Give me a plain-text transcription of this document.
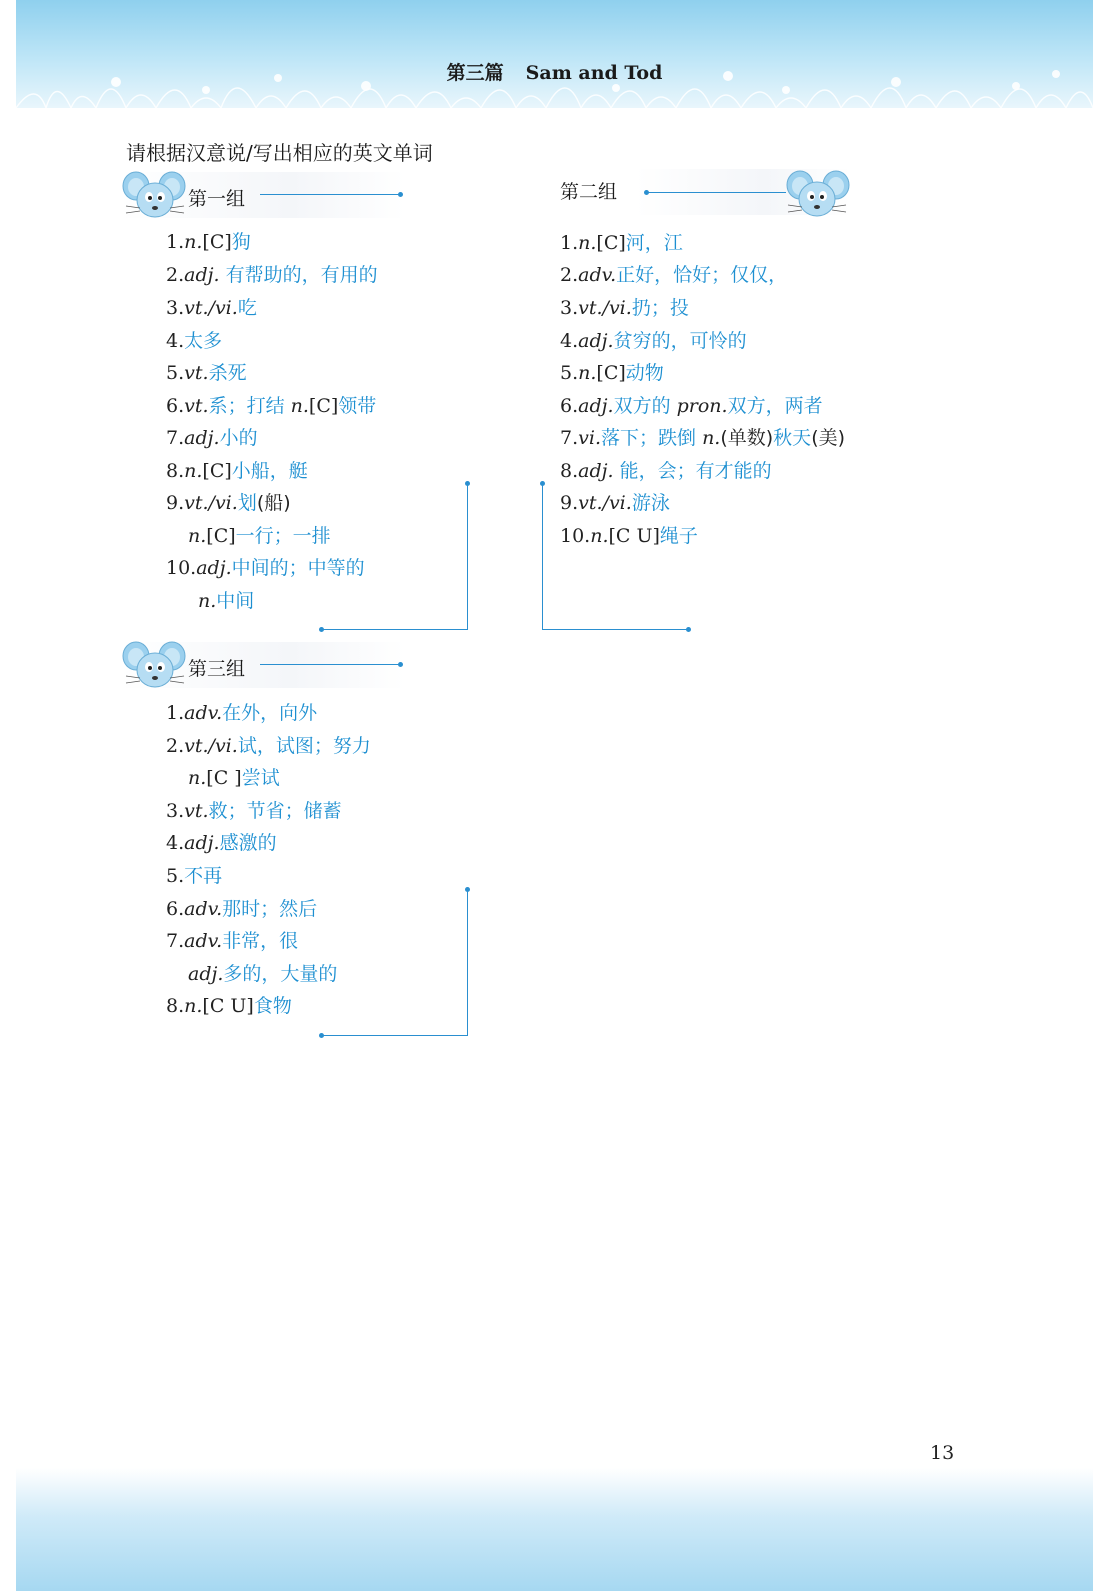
第三篇 Sam and Tod
请根据汉意说/写出相应的英文单词
第一组
1.n.[C]狗
2.adj. 有帮助的，有用的
3.vt./vi.吃
4.太多
5.vt.杀死
6.vt.系；打结 n.[C]领带
7.adj.小的
8.n.[C]小船，艇
9.vt./vi.划(船)
n.[C]一行；一排
10.adj.中间的；中等的
n.中间
第二组
1.n.[C]河，江
2.adv.正好，恰好；仅仅，
3.vt./vi.扔；投
4.adj.贫穷的，可怜的
5.n.[C]动物
6.adj.双方的 pron.双方，两者
7.vi.落下；跌倒 n.(单数)秋天(美)
8.adj. 能，会；有才能的
9.vt./vi.游泳
10.n.[C U]绳子
第三组
1.adv.在外，向外
2.vt./vi.试，试图；努力
n.[C ]尝试
3.vt.救；节省；储蓄
4.adj.感激的
5.不再
6.adv.那时；然后
7.adv.非常，很
adj.多的，大量的
8.n.[C U]食物
13
